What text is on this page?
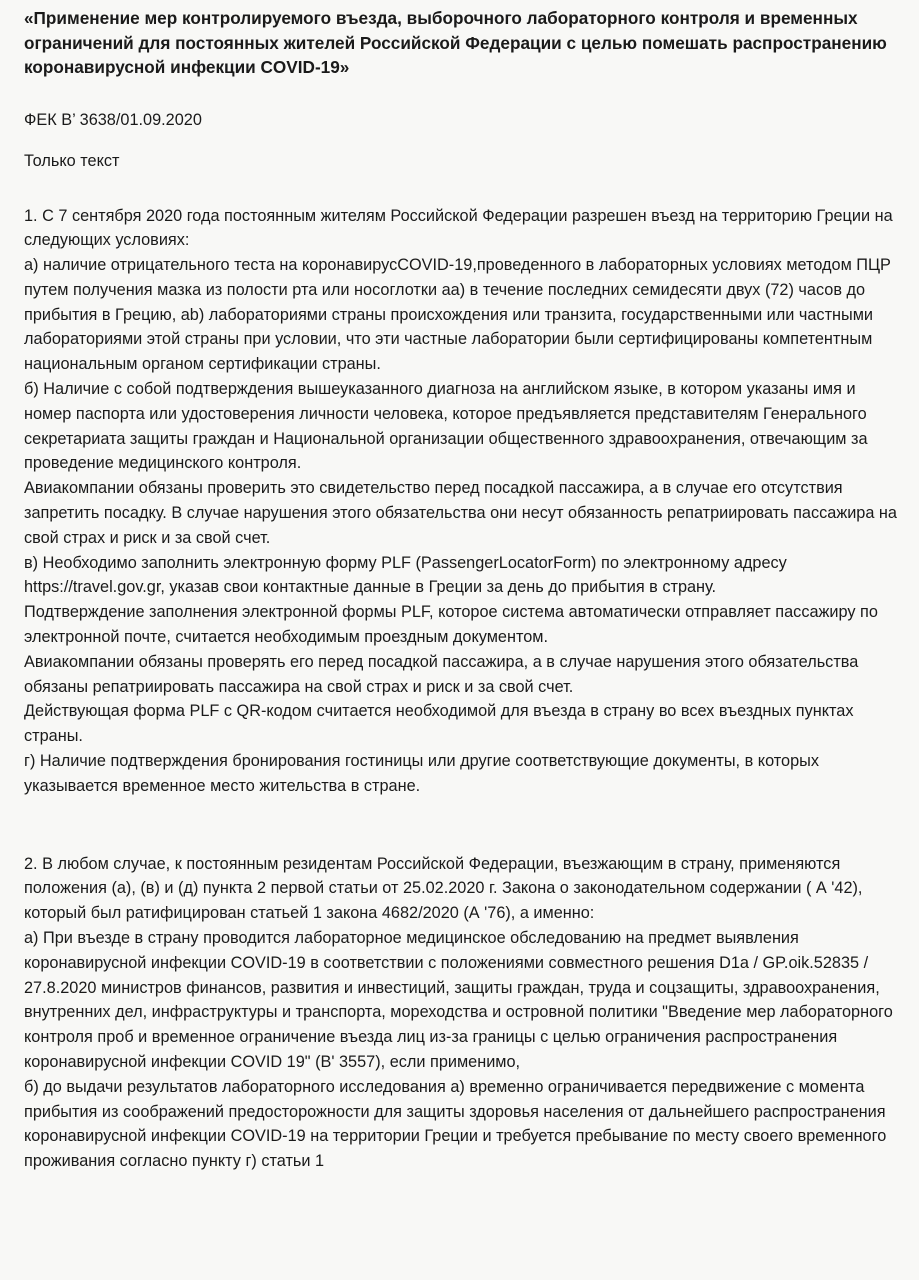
«Применение мер контролируемого въезда, выборочного лабораторного контроля и временных ограничений для постоянных жителей Российской Федерации с целью помешать распространению коронавирусной инфекции COVID-19»

ФЕК В’ 3638/01.09.2020

Только текст

1. С 7 сентября 2020 года постоянным жителям Российской Федерации разрешен въезд на территорию Греции на следующих условиях:

а) наличие отрицательного теста на коронавирусCOVID-19,проведенного в лабораторных условиях методом ПЦР путем получения мазка из полости рта или носоглотки аа) в течение последних семидесяти двух (72) часов до прибытия в Грецию, ab) лабораториями страны происхождения или транзита, государственными или частными лабораториями этой страны при условии, что эти частные лаборатории были сертифицированы компетентным национальным органом сертификации страны.

б) Наличие с собой подтверждения вышеуказанного диагноза на английском языке, в котором указаны имя и номер паспорта или удостоверения личности человека, которое предъявляется представителям Генерального секретариата защиты граждан и Национальной организации общественного здравоохранения, отвечающим за проведение медицинского контроля.

Авиакомпании обязаны проверить это свидетельство перед посадкой пассажира, а в случае его отсутствия запретить посадку. В случае нарушения этого обязательства они несут обязанность репатриировать пассажира на свой страх и риск и за свой счет.

в) Необходимо заполнить электронную форму PLF (PassengerLocatorForm) по электронному адресу https://travel.gov.gr, указав свои контактные данные в Греции за день до прибытия в страну.

Подтверждение заполнения электронной формы PLF, которое система автоматически отправляет пассажиру по электронной почте, считается необходимым проездным документом.

Авиакомпании обязаны проверять его перед посадкой пассажира, а в случае нарушения этого обязательства обязаны репатриировать пассажира на свой страх и риск и за свой счет.

Действующая форма PLF с QR-кодом считается необходимой для въезда в страну во всех въездных пунктах страны.

г) Наличие подтверждения бронирования гостиницы или другие соответствующие документы, в которых указывается временное место жительства в стране.

2. В любом случае, к постоянным резидентам Российской Федерации, въезжающим в страну, применяются положения (а), (в) и (д) пункта 2 первой статьи от 25.02.2020 г. Закона о законодательном содержании ( А '42), который был ратифицирован статьей 1 закона 4682/2020 (А '76), а именно:

а) При въезде в страну проводится лабораторное медицинское обследованию на предмет выявления коронавирусной инфекции COVID-19 в соответствии с положениями совместного решения D1a / GP.oik.52835 / 27.8.2020 министров финансов, развития и инвестиций, защиты граждан, труда и соцзащиты, здравоохранения, внутренних дел, инфраструктуры и транспорта, мореходства и островной политики "Введение мер лабораторного контроля проб и временное ограничение въезда лиц из-за границы с целью ограничения распространения коронавирусной инфекции COVID 19" (В' 3557), если применимо,

б) до выдачи результатов лабораторного исследования а) временно ограничивается передвижение с момента прибытия из соображений предосторожности для защиты здоровья населения от дальнейшего распространения коронавирусной инфекции COVID-19 на территории Греции и требуется пребывание по месту своего временного проживания согласно пункту г) статьи 1
